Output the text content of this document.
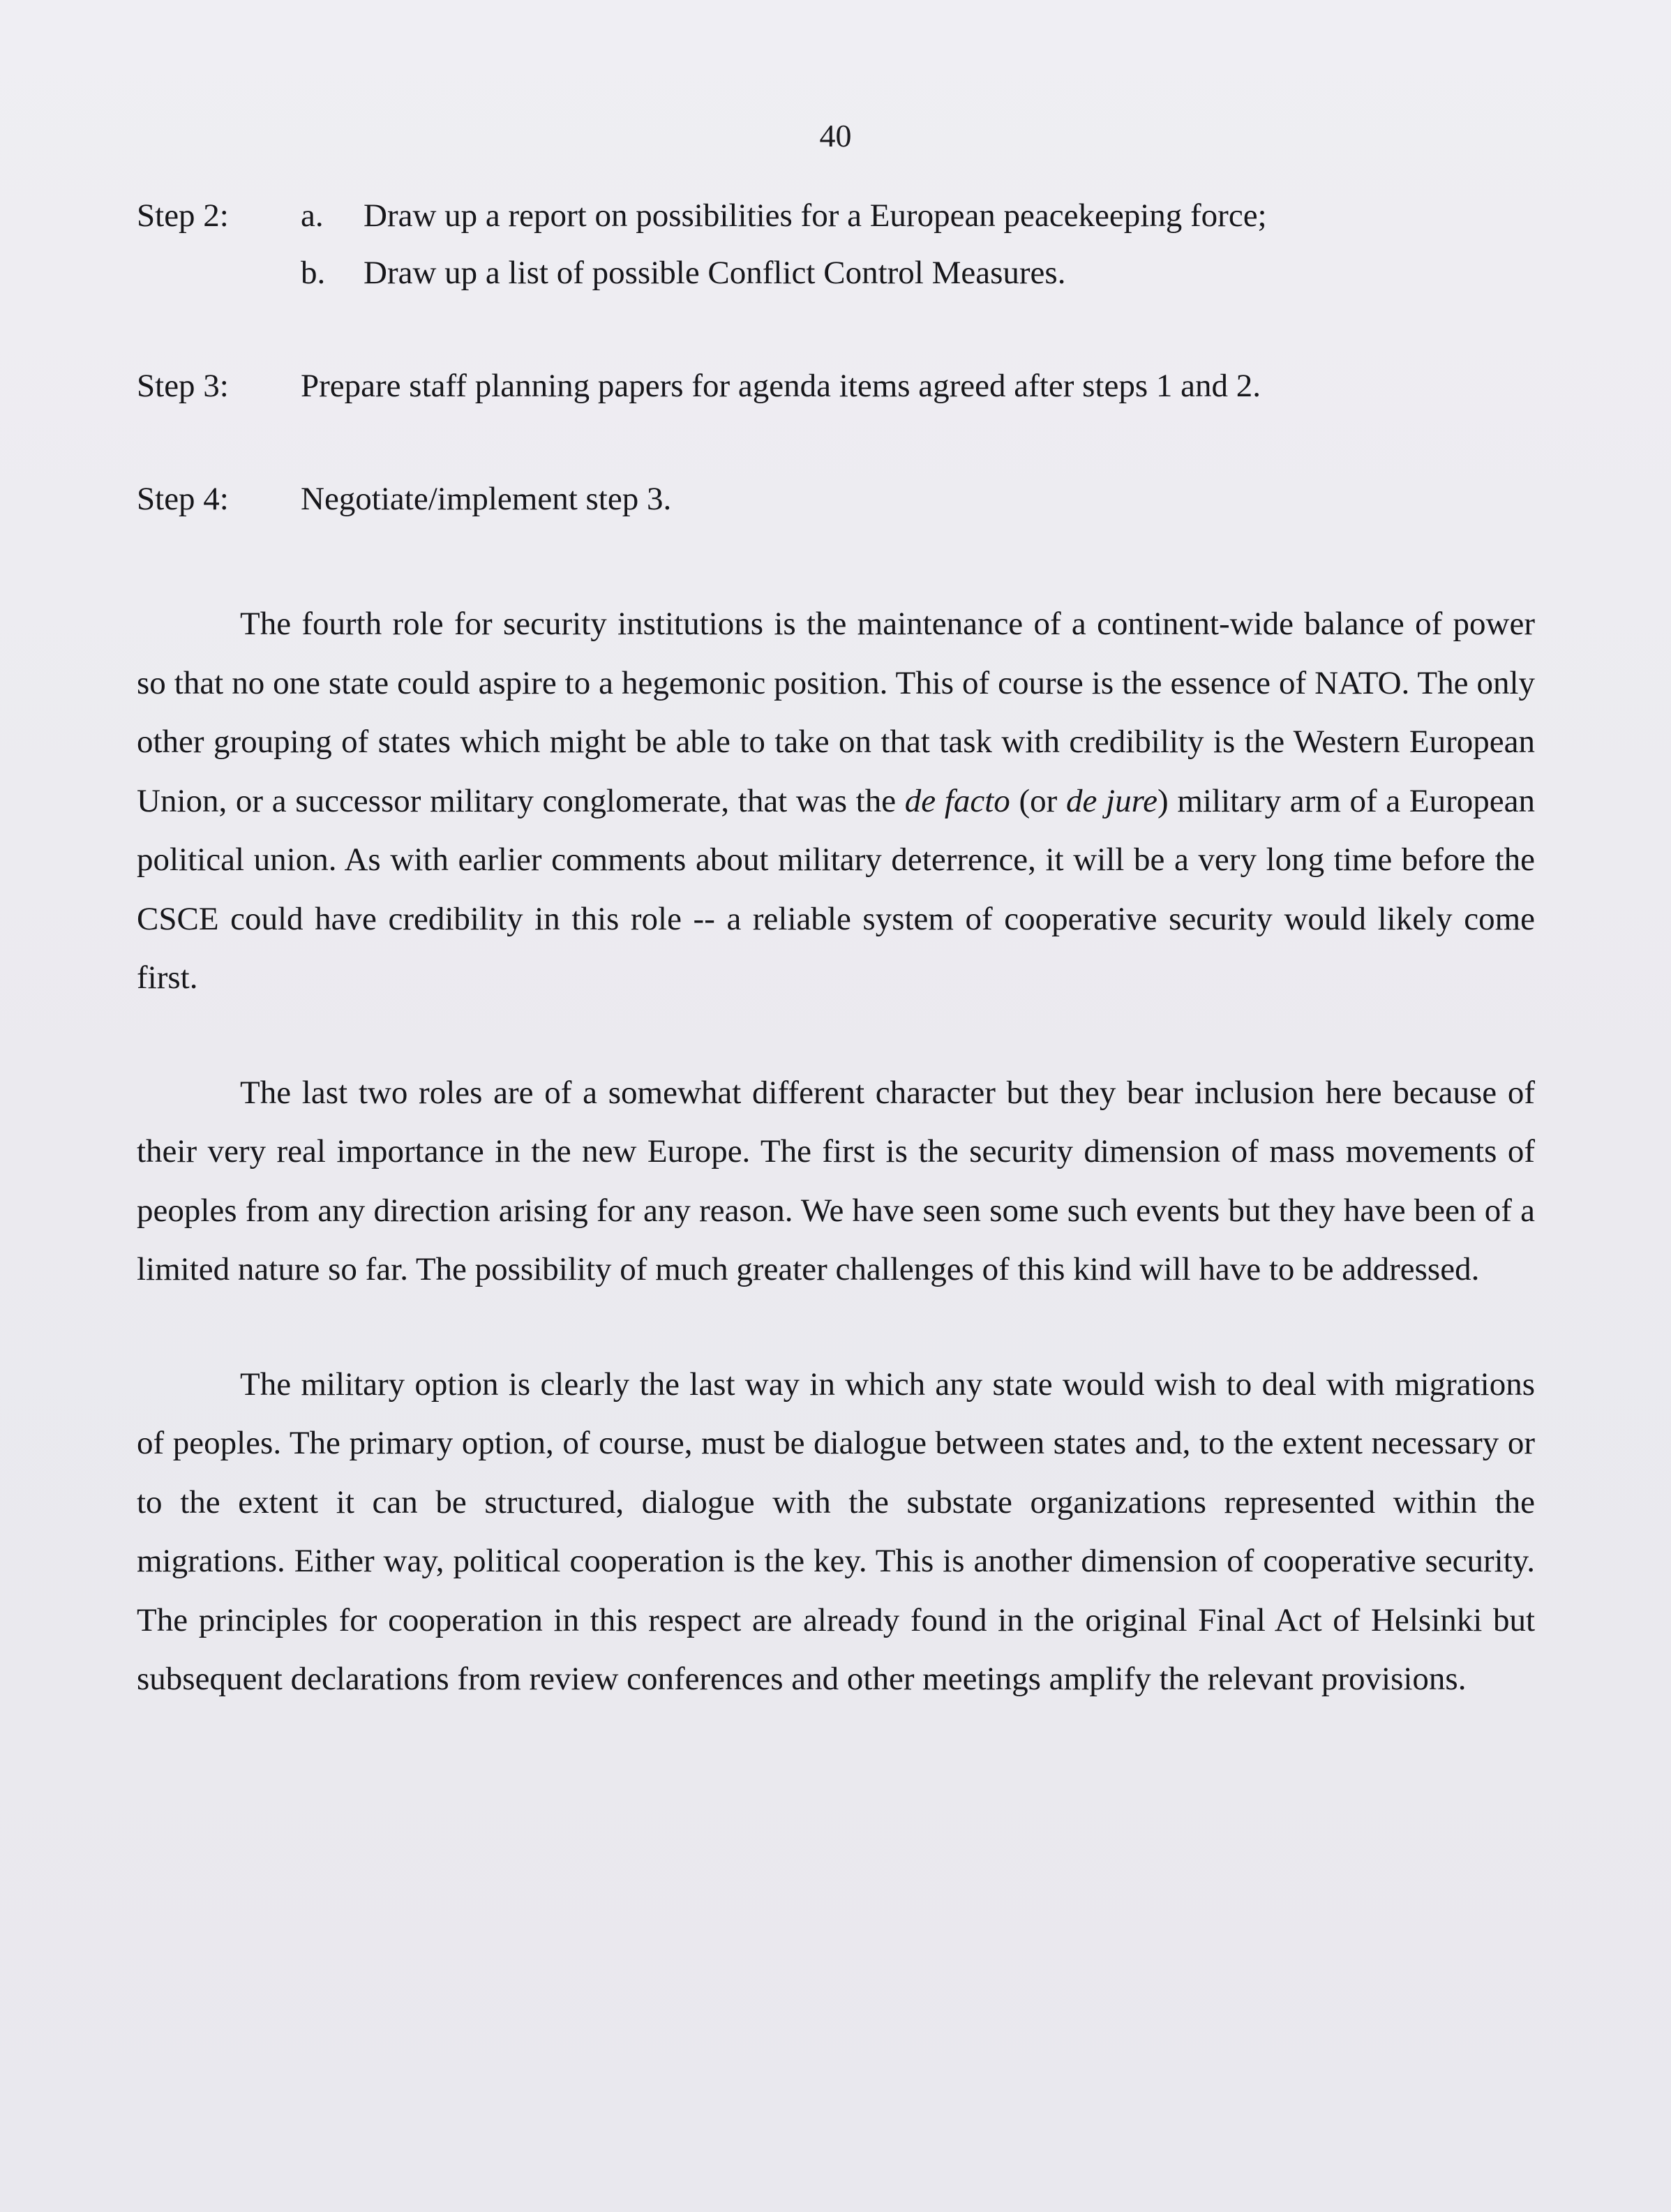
40
Step 2: a. Draw up a report on possibilities for a European peacekeeping force;
b. Draw up a list of possible Conflict Control Measures.
Step 3: Prepare staff planning papers for agenda items agreed after steps 1 and 2.
Step 4: Negotiate/implement step 3.

The fourth role for security institutions is the maintenance of a continent-wide balance of power so that no one state could aspire to a hegemonic position. This of course is the essence of NATO. The only other grouping of states which might be able to take on that task with credibility is the Western European Union, or a successor military conglomerate, that was the de facto (or de jure) military arm of a European political union. As with earlier comments about military deterrence, it will be a very long time before the CSCE could have credibility in this role -- a reliable system of cooperative security would likely come first.

The last two roles are of a somewhat different character but they bear inclusion here because of their very real importance in the new Europe. The first is the security dimension of mass movements of peoples from any direction arising for any reason. We have seen some such events but they have been of a limited nature so far. The possibility of much greater challenges of this kind will have to be addressed.

The military option is clearly the last way in which any state would wish to deal with migrations of peoples. The primary option, of course, must be dialogue between states and, to the extent necessary or to the extent it can be structured, dialogue with the substate organizations represented within the migrations. Either way, political cooperation is the key. This is another dimension of cooperative security. The principles for cooperation in this respect are already found in the original Final Act of Helsinki but subsequent declarations from review conferences and other meetings amplify the relevant provisions.
